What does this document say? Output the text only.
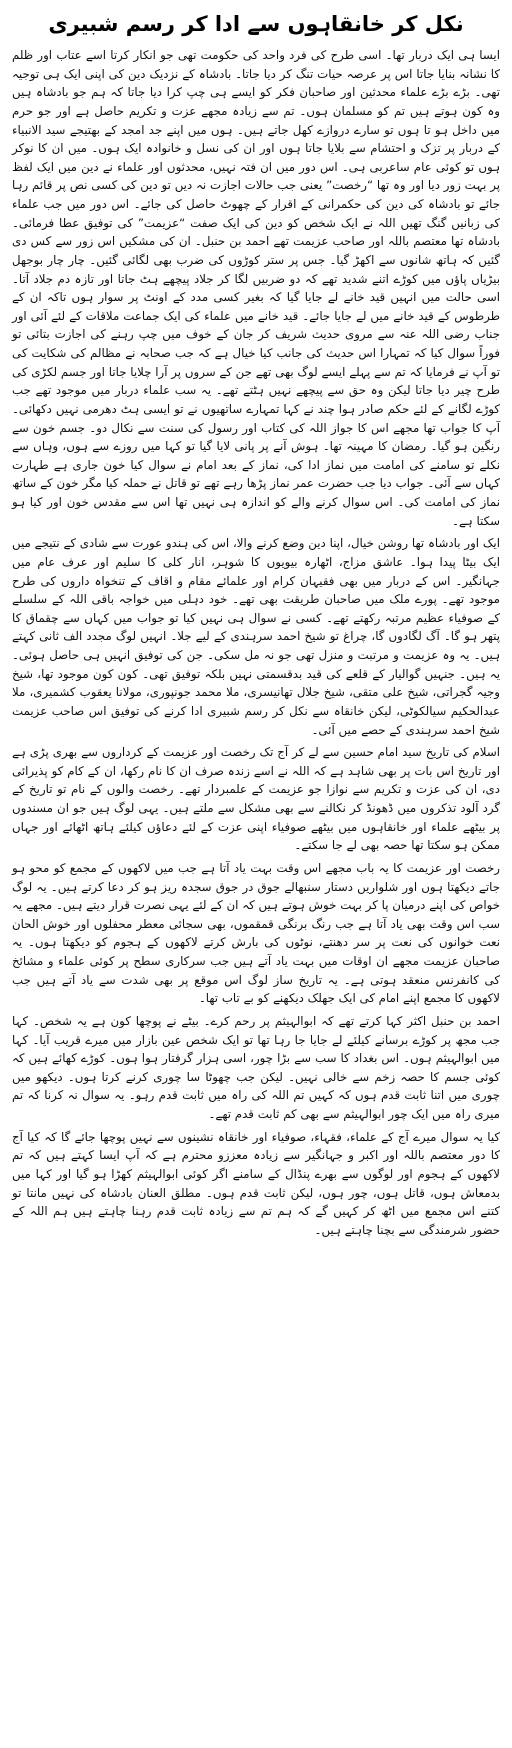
نکل کر خانقاہوں سے ادا کر رسم شبیری

ایسا ہی ایک دربار تھا۔ اسی طرح کی فرد واحد کی حکومت تھی جو انکار کرتا اسے عتاب اور ظلم کا نشانہ بنایا جاتا اس پر عرصہ حیات تنگ کر دیا جاتا۔ بادشاہ کے نزدیک دین کی اپنی ایک ہی توجیہ تھی۔ بڑے بڑے علماء محدثین اور صاحبان فکر کو ایسے ہی چپ کرا دیا جاتا کہ ہم جو بادشاہ ہیں وہ کون ہوتے ہیں تم کو مسلمان ہوں۔ تم سے زیادہ مجھے عزت و تکریم حاصل ہے اور جو حرم میں داخل ہو تا ہوں تو سارے دروازے کھل جاتے ہیں۔ ہوں میں اپنے جد امجد کے بھتیجے سید الانبیاء کے دربار پر تزک و احتشام سے بلایا جاتا ہوں اور ان کی نسل و خانوادہ ایک ہوں۔ میں ان کا نوکر ہوں تو کوئی عام ساعربی ہی۔ اس دور میں ان فتہ نہیں، محدثوں اور علماء نے دین میں ایک لفظ پر بہت زور دیا اور وہ تھا “رخصت” یعنی جب حالات اجازت نہ دیں تو دین کی کسی نص پر قائم رہا جائے تو بادشاہ کی دین کی حکمرانی کے اقرار کے چھوٹ حاصل کی جائے۔ اس دور میں جب علماء کی زبانیں گنگ تھیں اللہ نے ایک شخص کو دین کی ایک صفت “عزیمت” کی توفیق عطا فرمائی۔ بادشاہ تھا معتصم باللہ اور صاحب عزیمت تھے احمد بن حنبل۔ ان کی مشکیں اس زور سے کس دی گئیں کہ ہاتھ شانوں سے اکھڑ گیا۔ جس پر ستر کوڑوں کی ضرب بھی لگائی گئیں۔ چار چار بوجھل بیڑیاں پاؤں میں کوڑے اتنے شدید تھے کہ دو ضربیں لگا کر جلاد پیچھے ہٹ جاتا اور تازہ دم جلاد آتا۔ اسی حالت میں انہیں قید خانے لے جایا گیا کہ بغیر کسی مدد کے اونٹ پر سوار ہوں تاکہ ان کے طرطوس کے قید خانے میں لے جایا جائے۔ قید خانے میں علماء کی ایک جماعت ملاقات کے لئے آئی اور جناب رضی اللہ عنہ سے مروی حدیث شریف کر جان کے خوف میں چپ رہنے کی اجازت بتائی تو فوراً سوال کیا کہ تمہارا اس حدیث کی جانب کیا خیال ہے کہ جب صحابہ نے مظالم کی شکایت کی تو آپ نے فرمایا کہ تم سے پہلے ایسے لوگ بھی تھے جن کے سروں پر آرا چلایا جاتا اور جسم لکڑی کی طرح چیر دیا جاتا لیکن وہ حق سے پیچھے نہیں ہٹتے تھے۔ یہ سب علماء دربار میں موجود تھے جب کوڑے لگانے کے لئے حکم صادر ہوا چند نے کہا تمہارے ساتھیوں نے تو ایسی ہٹ دھرمی نہیں دکھائی۔ آپ کا جواب تھا مجھے اس کا جواز اللہ کی کتاب اور رسول کی سنت سے نکال دو۔ جسم خون سے رنگین ہو گیا۔ رمضان کا مہینہ تھا۔ ہوش آنے پر پانی لایا گیا تو کہا میں روزے سے ہوں، وہاں سے نکلے تو سامنے کی امامت میں نماز ادا کی، نماز کے بعد امام نے سوال کیا خون جاری ہے طہارت کہاں سے آئی۔ جواب دیا جب حضرت عمر نماز پڑھا رہے تھے تو قاتل نے حملہ کیا مگر خون کے ساتھ نماز کی امامت کی۔ اس سوال کرنے والے کو اندازہ ہی نہیں تھا اس سے مقدس خون اور کیا ہو سکتا ہے۔

ایک اور بادشاہ تھا روشن خیال، اپنا دین وضع کرنے والا، اس کی ہندو عورت سے شادی کے نتیجے میں ایک بیٹا پیدا ہوا۔ عاشق مزاج، اٹھارہ بیویوں کا شوہر، انار کلی کا سلیم اور عرف عام میں جہانگیر۔ اس کے دربار میں بھی فقیہان کرام اور علمائے مقام و اقاف کے تنخواہ داروں کی طرح موجود تھے۔ پورے ملک میں صاحبان طریقت بھی تھے۔ خود دہلی میں خواجہ باقی اللہ کے سلسلے کے صوفیاء عظیم مرتبہ رکھتے تھے۔ کسی نے سوال ہی نہیں کیا تو جواب میں کہاں سے چقماق کا پتھر ہو گا۔ آگ لگادوں گا، چراغ تو شیخ احمد سرہندی کے لیے جلا۔ انہیں لوگ مجدد الف ثانی کہتے ہیں۔ یہ وہ عزیمت و مرتبت و منزل تھی جو نہ مل سکی۔ جن کی توفیق انہیں ہی حاصل ہوئی۔ یہ ہیں۔ جنہیں گوالیار کے قلعے کی قید بدقسمتی نہیں بلکہ توفیق تھی۔ کون کون موجود تھا، شیخ وجیہ گجراتی، شیخ علی متقی، شیخ جلال تھانیسری، ملا محمد جونپوری، مولانا یعقوب کشمیری، ملا عبدالحکیم سیالکوٹی، لیکن خانقاہ سے نکل کر رسم شبیری ادا کرنے کی توفیق اس صاحب عزیمت شیخ احمد سرہندی کے حصے میں آئی۔

اسلام کی تاریخ سید امام حسین سے لے کر آج تک رخصت اور عزیمت کے کرداروں سے بھری پڑی ہے اور تاریخ اس بات پر بھی شاہد ہے کہ اللہ نے اسے زندہ صرف ان کا نام رکھا، ان کے کام کو پذیرائی دی، ان کی عزت و تکریم سے نوازا جو عزیمت کے علمبردار تھے۔ رخصت والوں کے نام تو تاریخ کے گرد آلود تذکروں میں ڈھونڈ کر نکالنے سے بھی مشکل سے ملتے ہیں۔ یہی لوگ ہیں جو ان مسندوں پر بیٹھے علماء اور خانقاہوں میں بیٹھے صوفیاء اپنی عزت کے لئے دعاؤں کیلئے ہاتھ اٹھائے اور جہاں ممکن ہو سکتا تھا حصہ بھی لے جا سکتے۔

رخصت اور عزیمت کا یہ باب مجھے اس وقت بہت یاد آتا ہے جب میں لاکھوں کے مجمع کو محو ہو جاتے دیکھتا ہوں اور شلواریں دستار سنبھالے جوق در جوق سجدہ ریز ہو کر دعا کرتے ہیں۔ یہ لوگ خواص کی اپنے درمیان پا کر بہت خوش ہوتے ہیں کہ ان کے لئے یہی نصرت قرار دیتے ہیں۔ مجھے یہ سب اس وقت بھی یاد آتا ہے جب رنگ برنگی قمقموں، بھی سجائی معطر محفلوں اور خوش الحان نعت خوانوں کی نعت پر سر دھنتے، نوٹوں کی بارش کرتے لاکھوں کے ہجوم کو دیکھتا ہوں۔ یہ صاحبان عزیمت مجھے ان اوقات میں بہت یاد آتے ہیں جب سرکاری سطح پر کوئی علماء و مشائخ کی کانفرنس منعقد ہوتی ہے۔ یہ تاریخ ساز لوگ اس موقع پر بھی شدت سے یاد آتے ہیں جب لاکھوں کا مجمع اپنے امام کی ایک جھلک دیکھنے کو بے تاب تھا۔

احمد بن حنبل اکثر کہا کرتے تھے کہ ابوالہیثم پر رحم کرے۔ بیٹے نے پوچھا کون ہے یہ شخص۔ کہا جب مجھ پر کوڑے برسانے کیلئے لے جایا جا رہا تھا تو ایک شخص عین بازار میں میرے قریب آیا۔ کہا میں ابوالہیثم ہوں۔ اس بغداد کا سب سے بڑا چور، اسی ہزار گرفتار ہوا ہوں۔ کوڑے کھائے ہیں کہ کوئی جسم کا حصہ زخم سے خالی نہیں۔ لیکن جب چھوٹا سا چوری کرنے کرتا ہوں۔ دیکھو میں چوری میں اتنا ثابت قدم ہوں کہ کہیں تم اللہ کی راہ میں ثابت قدم رہو۔ یہ سوال نہ کرنا کہ تم میری راہ میں ایک چور ابوالہیثم سے بھی کم ثابت قدم تھے۔

کیا یہ سوال میرے آج کے علماء، فقہاء، صوفیاء اور خانقاہ نشینوں سے نہیں پوچھا جائے گا کہ کیا آج کا دور معتصم باللہ اور اکبر و جہانگیر سے زیادہ معززو محترم ہے کہ آپ ایسا کہتے ہیں کہ تم لاکھوں کے ہجوم اور لوگوں سے بھرے پنڈال کے سامنے اگر کوئی ابوالہیثم کھڑا ہو گیا اور کہا میں بدمعاش ہوں، قاتل ہوں، چور ہوں، لیکن ثابت قدم ہوں۔ مطلق العنان بادشاہ کی نہیں مانتا تو کتنے اس مجمع میں اٹھ کر کہیں گے کہ ہم تم سے زیادہ ثابت قدم رہنا چاہتے ہیں ہم اللہ کے حضور شرمندگی سے بچنا چاہتے ہیں۔
